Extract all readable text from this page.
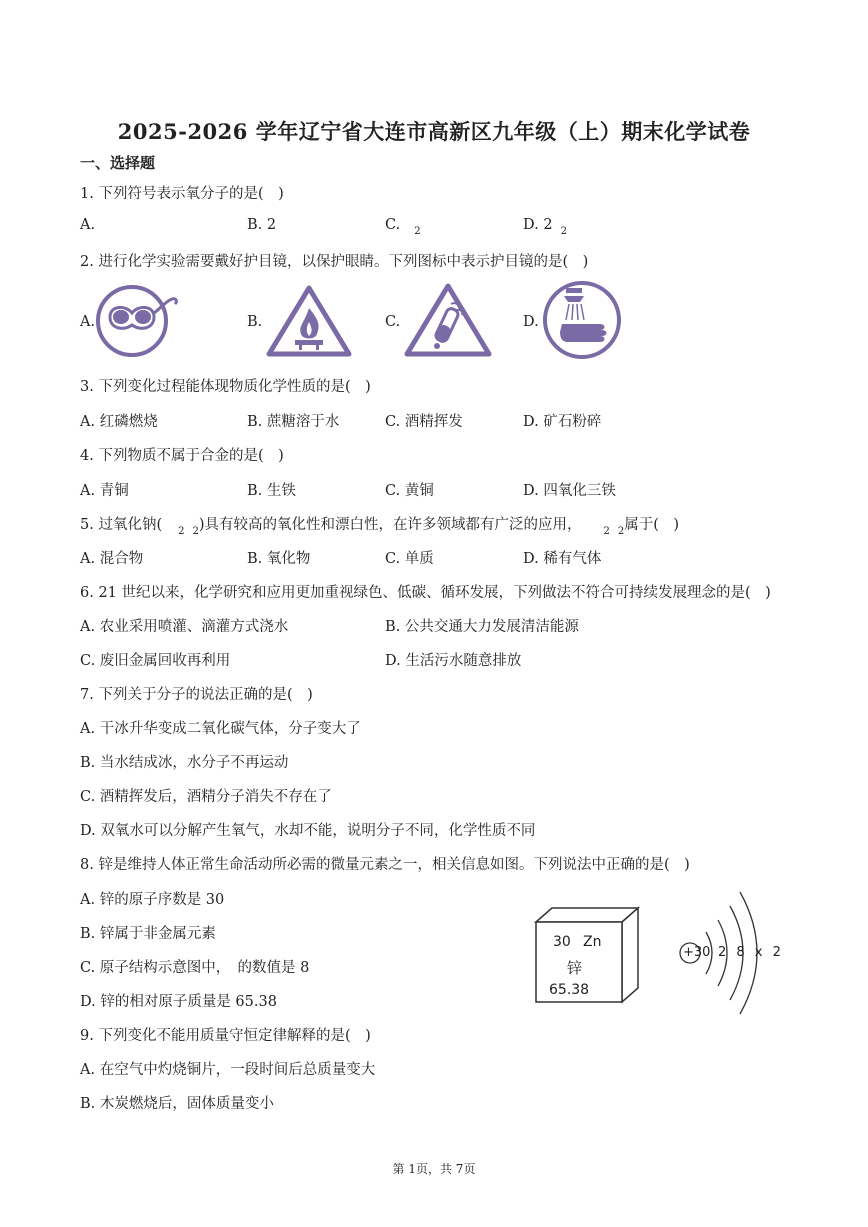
2025-2026 学年辽宁省大连市高新区九年级（上）期末化学试卷
一、选择题
1. 下列符号表示氧分子的是(　)
A.	B. 2	C. $_2$	D. 2 $_2$
2. 进行化学实验需要戴好护目镜，以保护眼睛。下列图标中表示护目镜的是(　)
A.	B.	C.	D.
3. 下列变化过程能体现物质化学性质的是(　)
A. 红磷燃烧	B. 蔗糖溶于水	C. 酒精挥发	D. 矿石粉碎
4. 下列物质不属于合金的是(　)
A. 青铜	B. 生铁	C. 黄铜	D. 四氧化三铁
5. 过氧化钠( $_2$ $_2$)具有较高的氧化性和漂白性，在许多领域都有广泛的应用， $_2$ $_2$属于(　)
A. 混合物	B. 氧化物	C. 单质	D. 稀有气体
6. 21 世纪以来，化学研究和应用更加重视绿色、低碳、循环发展，下列做法不符合可持续发展理念的是(　)
A. 农业采用喷灌、滴灌方式浇水	B. 公共交通大力发展清洁能源
C. 废旧金属回收再利用	D. 生活污水随意排放
7. 下列关于分子的说法正确的是(　)
A. 干冰升华变成二氧化碳气体，分子变大了
B. 当水结成冰，水分子不再运动
C. 酒精挥发后，酒精分子消失不存在了
D. 双氧水可以分解产生氧气，水却不能，说明分子不同，化学性质不同
8. 锌是维持人体正常生命活动所必需的微量元素之一，相关信息如图。下列说法中正确的是(　)
A. 锌的原子序数是 30
B. 锌属于非金属元素
C. 原子结构示意图中，　的数值是 8
D. 锌的相对原子质量是 65.38
30 Zn
锌
65.38
+30 2 8 x 2
9. 下列变化不能用质量守恒定律解释的是(　)
A. 在空气中灼烧铜片，一段时间后总质量变大
B. 木炭燃烧后，固体质量变小
第 1页，共 7页
